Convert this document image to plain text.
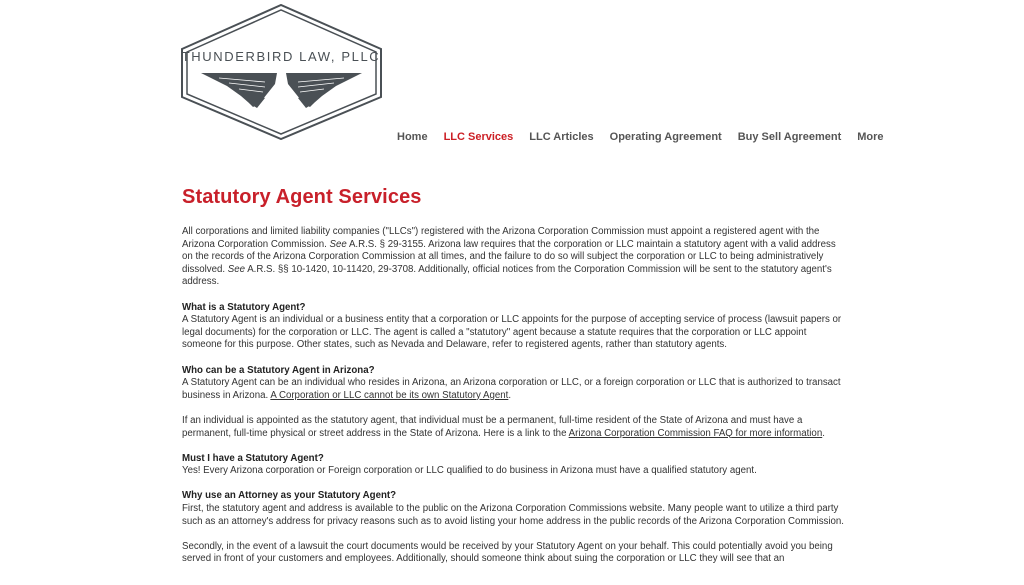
THUNDERBIRD LAW, PLLC
Home LLC Services LLC Articles Operating Agreement Buy Sell Agreement More
Statutory Agent Services

All corporations and limited liability companies ("LLCs") registered with the Arizona Corporation Commission must appoint a registered agent with the Arizona Corporation Commission. See A.R.S. § 29-3155. Arizona law requires that the corporation or LLC maintain a statutory agent with a valid address on the records of the Arizona Corporation Commission at all times, and the failure to do so will subject the corporation or LLC to being administratively dissolved. See A.R.S. §§ 10-1420, 10-11420, 29-3708. Additionally, official notices from the Corporation Commission will be sent to the statutory agent's address.

What is a Statutory Agent?

A Statutory Agent is an individual or a business entity that a corporation or LLC appoints for the purpose of accepting service of process (lawsuit papers or legal documents) for the corporation or LLC. The agent is called a "statutory" agent because a statute requires that the corporation or LLC appoint someone for this purpose. Other states, such as Nevada and Delaware, refer to registered agents, rather than statutory agents.

Who can be a Statutory Agent in Arizona?

A Statutory Agent can be an individual who resides in Arizona, an Arizona corporation or LLC, or a foreign corporation or LLC that is authorized to transact business in Arizona. A Corporation or LLC cannot be its own Statutory Agent.

If an individual is appointed as the statutory agent, that individual must be a permanent, full-time resident of the State of Arizona and must have a permanent, full-time physical or street address in the State of Arizona. Here is a link to the Arizona Corporation Commission FAQ for more information.

Must I have a Statutory Agent?

Yes! Every Arizona corporation or Foreign corporation or LLC qualified to do business in Arizona must have a qualified statutory agent.

Why use an Attorney as your Statutory Agent?

First, the statutory agent and address is available to the public on the Arizona Corporation Commissions website. Many people want to utilize a third party such as an attorney's address for privacy reasons such as to avoid listing your home address in the public records of the Arizona Corporation Commission.

Secondly, in the event of a lawsuit the court documents would be received by your Statutory Agent on your behalf. This could potentially avoid you being served in front of your customers and employees. Additionally, should someone think about suing the corporation or LLC they will see that an
